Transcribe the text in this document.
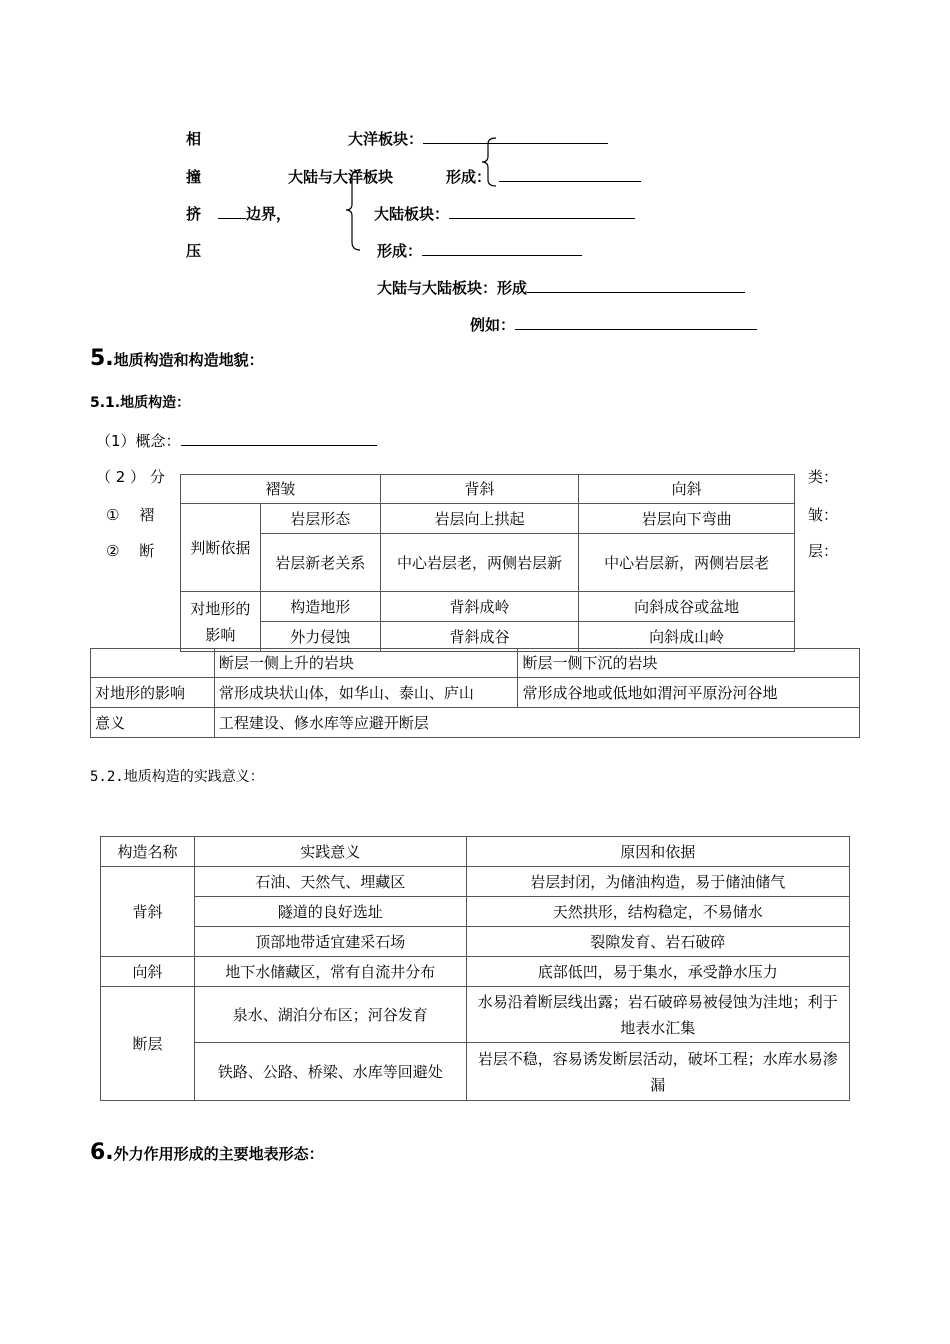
相
撞
挤
压
大洋板块：
大陆与大洋板块	形成：
边界，	大陆板块：
形成：
大陆与大陆板块：形成
例如：
5.地质构造和构造地貌：
5.1.地质构造：
（1）概念：
（ 2 ） 分	类：
①　 褶	皱：
②　 断	层：
褶皱		背斜	向斜
判断依据	岩层形态	岩层向上拱起	岩层向下弯曲
	岩层新老关系	中心岩层老，两侧岩层新	中心岩层新，两侧岩层老
对地形的影响	构造地形	背斜成岭	向斜成谷或盆地
	外力侵蚀	背斜成谷	向斜成山岭
	断层一侧上升的岩块	断层一侧下沉的岩块
对地形的影响	常形成块状山体，如华山、泰山、庐山	常形成谷地或低地如渭河平原汾河谷地
意义	工程建设、修水库等应避开断层	
5.2.地质构造的实践意义：
构造名称	实践意义	原因和依据
背斜	石油、天然气、埋藏区	岩层封闭，为储油构造，易于储油储气
	隧道的良好选址	天然拱形，结构稳定，不易储水
	顶部地带适宜建采石场	裂隙发育、岩石破碎
向斜	地下水储藏区，常有自流井分布	底部低凹，易于集水，承受静水压力
断层	泉水、湖泊分布区；河谷发育	水易沿着断层线出露；岩石破碎易被侵蚀为洼地；利于地表水汇集
	铁路、公路、桥梁、水库等回避处	岩层不稳，容易诱发断层活动，破坏工程；水库水易渗漏
6.外力作用形成的主要地表形态：
